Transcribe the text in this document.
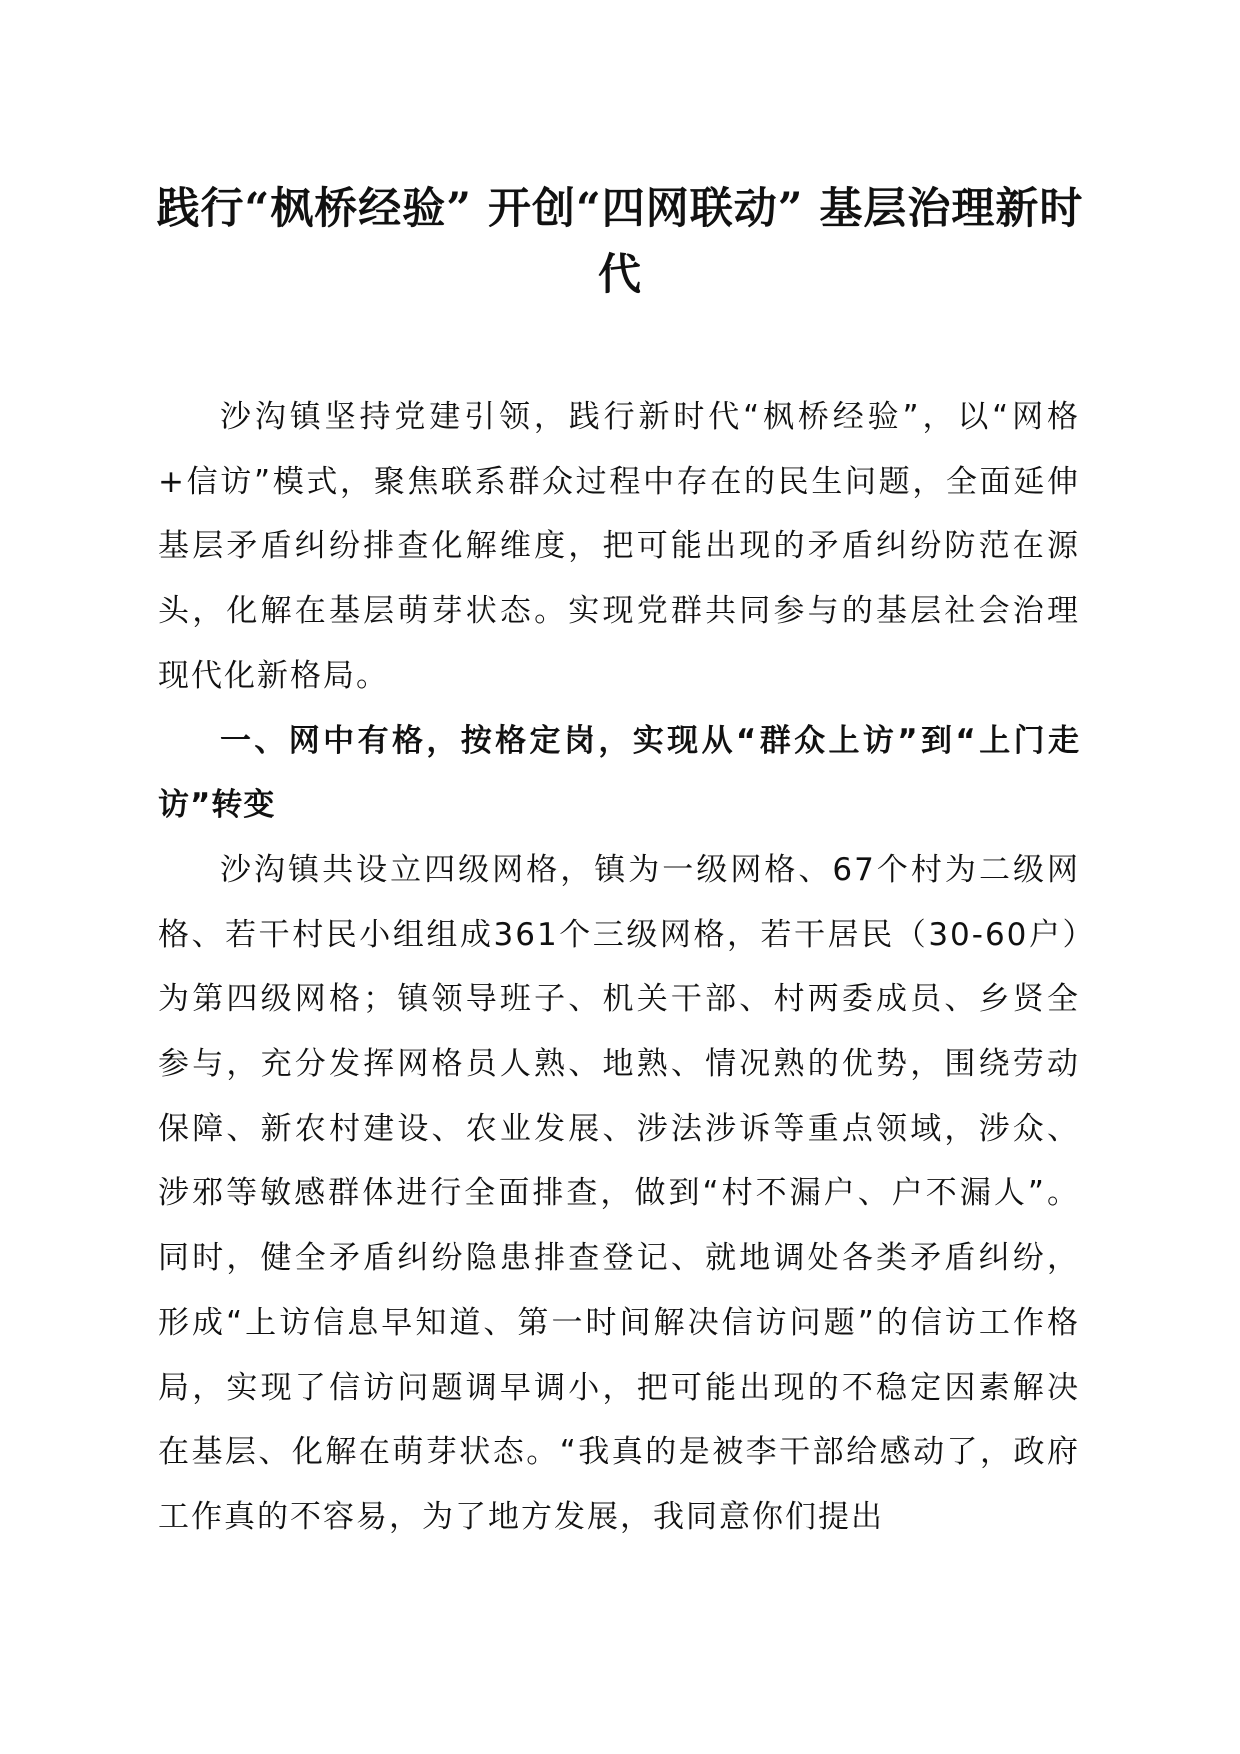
践行“枫桥经验” 开创“四网联动” 基层治理新时代

沙沟镇坚持党建引领，践行新时代“枫桥经验”，以“网格+信访”模式，聚焦联系群众过程中存在的民生问题，全面延伸基层矛盾纠纷排查化解维度，把可能出现的矛盾纠纷防范在源头，化解在基层萌芽状态。实现党群共同参与的基层社会治理现代化新格局。

一、网中有格，按格定岗，实现从“群众上访”到“上门走访”转变

沙沟镇共设立四级网格，镇为一级网格、67个村为二级网格、若干村民小组组成361个三级网格，若干居民（30-60户）为第四级网格；镇领导班子、机关干部、村两委成员、乡贤全参与，充分发挥网格员人熟、地熟、情况熟的优势，围绕劳动保障、新农村建设、农业发展、涉法涉诉等重点领域，涉众、涉邪等敏感群体进行全面排查，做到“村不漏户、户不漏人”。 同时，健全矛盾纠纷隐患排查登记、就地调处各类矛盾纠纷，形成“上访信息早知道、第一时间解决信访问题”的信访工作格局，实现了信访问题调早调小，把可能出现的不稳定因素解决在基层、化解在萌芽状态。“我真的是被李干部给感动了，政府工作真的不容易，为了地方发展，我同意你们提出
